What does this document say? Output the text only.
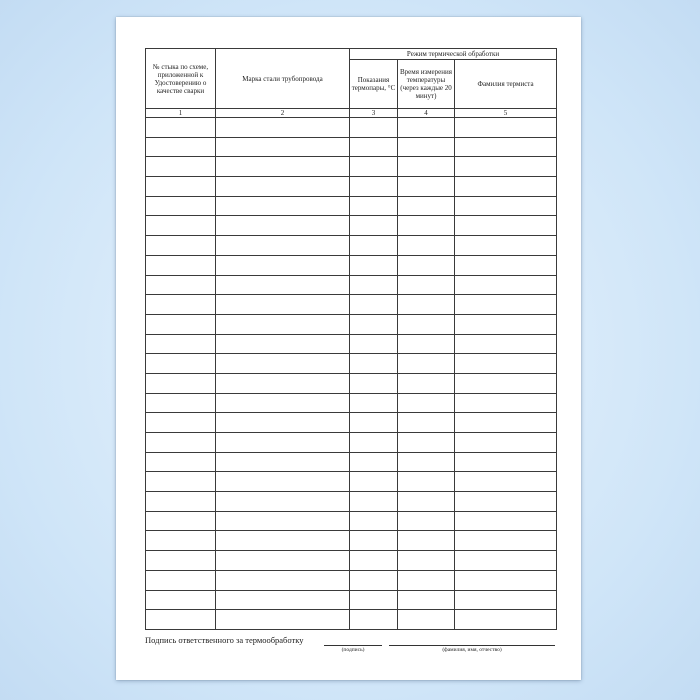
№ стыка по схеме, приложенной к Удостоверению о качестве сварки	Марка стали трубопровода	Режим термической обработки		
		Показания термопары, °С	Время измерения температуры (через каждые 20 минут)	Фамилия термиста
1	2	3	4	5

Подпись ответственного за термообработку
(подпись)	(фамилия, имя, отчество)
